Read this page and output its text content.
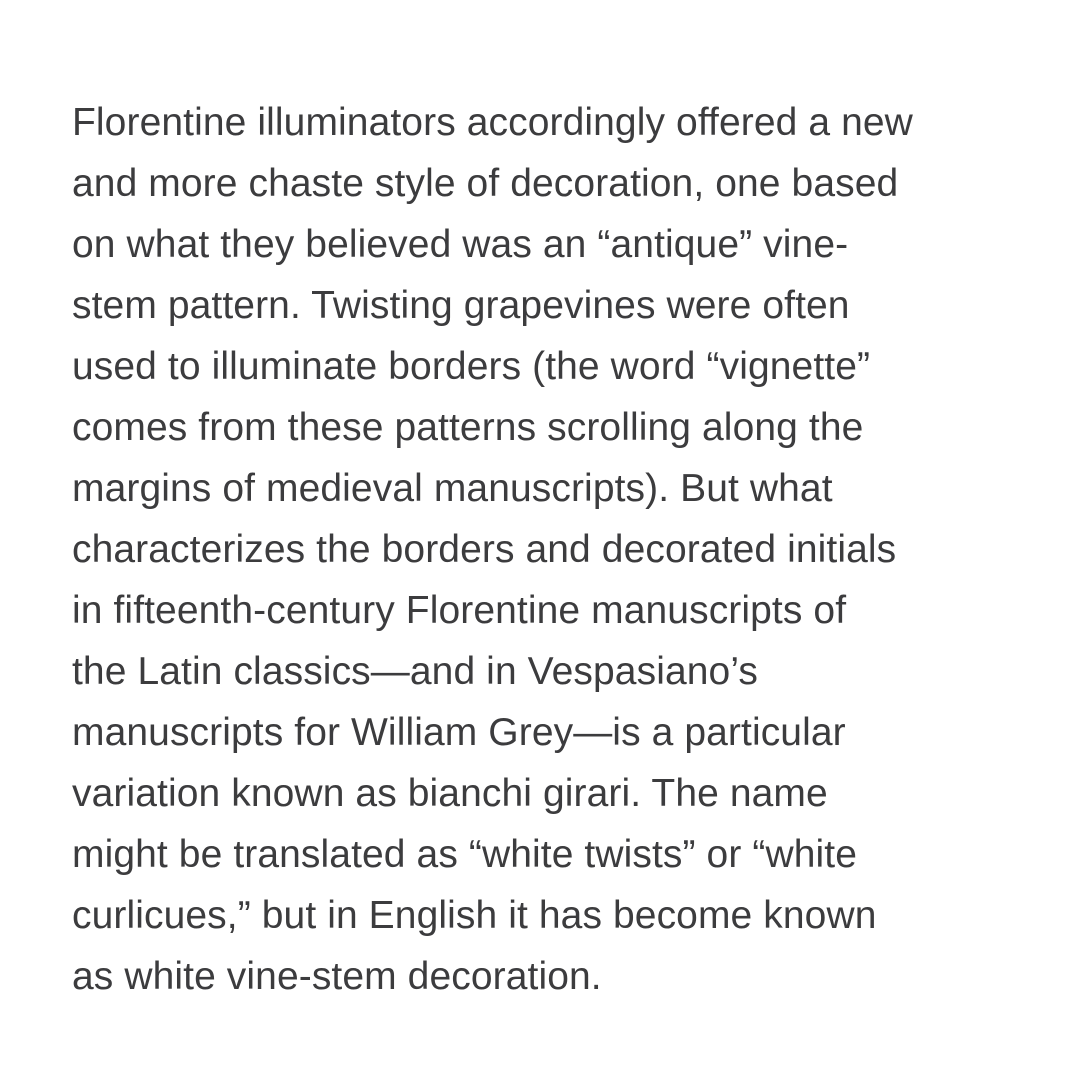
Florentine illuminators accordingly offered a new
and more chaste style of decoration, one based
on what they believed was an “antique” vine-
stem pattern. Twisting grapevines were often
used to illuminate borders (the word “vignette”
comes from these patterns scrolling along the
margins of medieval manuscripts). But what
characterizes the borders and decorated initials
in fifteenth-century Florentine manuscripts of
the Latin classics—and in Vespasiano’s
manuscripts for William Grey—is a particular
variation known as bianchi girari. The name
might be translated as “white twists” or “white
curlicues,” but in English it has become known
as white vine-stem decoration.
